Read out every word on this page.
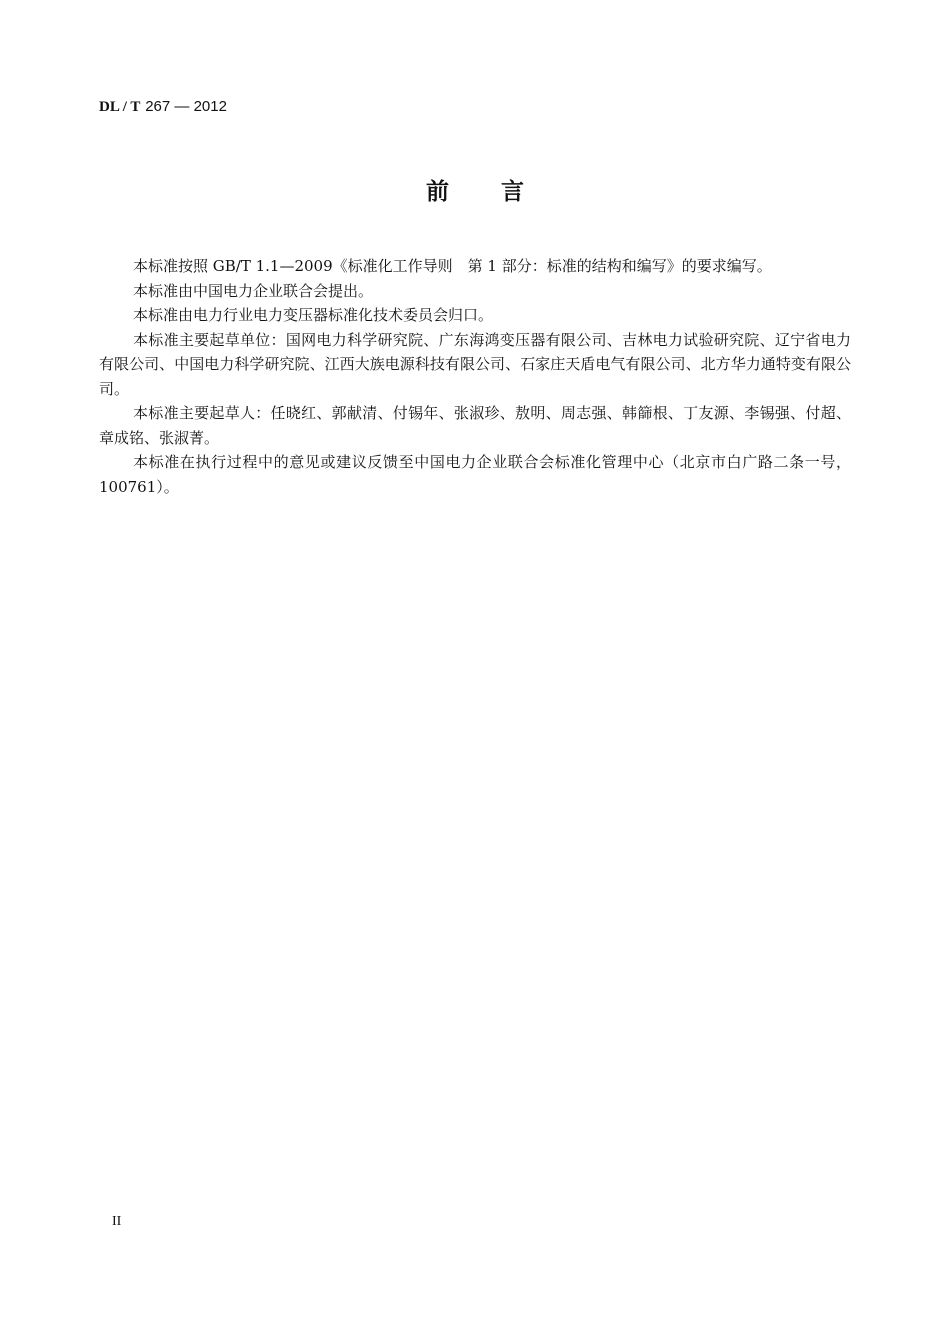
DL / T 267 — 2012
前言

本标准按照 GB/T 1.1—2009《标准化工作导则　第 1 部分：标准的结构和编写》的要求编写。

本标准由中国电力企业联合会提出。

本标准由电力行业电力变压器标准化技术委员会归口。

本标准主要起草单位：国网电力科学研究院、广东海鸿变压器有限公司、吉林电力试验研究院、辽宁省电力有限公司、中国电力科学研究院、江西大族电源科技有限公司、石家庄天盾电气有限公司、北方华力通特变有限公司。

本标准主要起草人：任晓红、郭献清、付锡年、张淑珍、敖明、周志强、韩篩根、丁友源、李锡强、付超、章成铭、张淑菁。

本标准在执行过程中的意见或建议反馈至中国电力企业联合会标准化管理中心（北京市白广路二条一号，100761）。

II
